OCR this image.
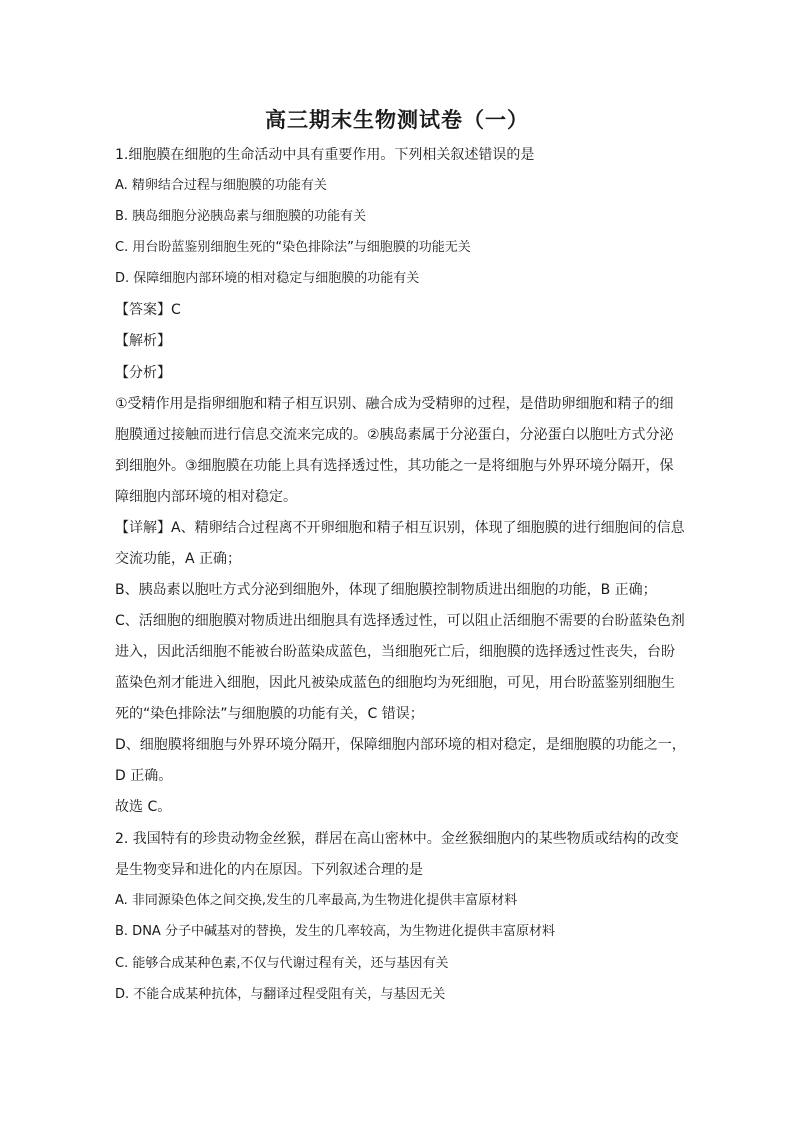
高三期末生物测试卷（一）
1.细胞膜在细胞的生命活动中具有重要作用。下列相关叙述错误的是
A. 精卵结合过程与细胞膜的功能有关
B. 胰岛细胞分泌胰岛素与细胞膜的功能有关
C. 用台盼蓝鉴别细胞生死的“染色排除法”与细胞膜的功能无关
D. 保障细胞内部环境的相对稳定与细胞膜的功能有关
【答案】C
【解析】
【分析】
①受精作用是指卵细胞和精子相互识别、融合成为受精卵的过程，是借助卵细胞和精子的细
胞膜通过接触而进行信息交流来完成的。②胰岛素属于分泌蛋白，分泌蛋白以胞吐方式分泌
到细胞外。③细胞膜在功能上具有选择透过性，其功能之一是将细胞与外界环境分隔开，保
障细胞内部环境的相对稳定。
【详解】A、精卵结合过程离不开卵细胞和精子相互识别，体现了细胞膜的进行细胞间的信息
交流功能，A 正确；
B、胰岛素以胞吐方式分泌到细胞外，体现了细胞膜控制物质进出细胞的功能，B 正确；
C、活细胞的细胞膜对物质进出细胞具有选择透过性，可以阻止活细胞不需要的台盼蓝染色剂
进入，因此活细胞不能被台盼蓝染成蓝色，当细胞死亡后，细胞膜的选择透过性丧失，台盼
蓝染色剂才能进入细胞，因此凡被染成蓝色的细胞均为死细胞，可见，用台盼蓝鉴别细胞生
死的“染色排除法”与细胞膜的功能有关，C 错误；
D、细胞膜将细胞与外界环境分隔开，保障细胞内部环境的相对稳定，是细胞膜的功能之一，
D 正确。
故选 C。
2. 我国特有的珍贵动物金丝猴，群居在高山密林中。金丝猴细胞内的某些物质或结构的改变
是生物变异和进化的内在原因。下列叙述合理的是
A. 非同源染色体之间交换,发生的几率最高,为生物进化提供丰富原材料
B. DNA 分子中碱基对的替换，发生的几率较高，为生物进化提供丰富原材料
C. 能够合成某种色素,不仅与代谢过程有关，还与基因有关
D. 不能合成某种抗体，与翻译过程受阻有关，与基因无关
